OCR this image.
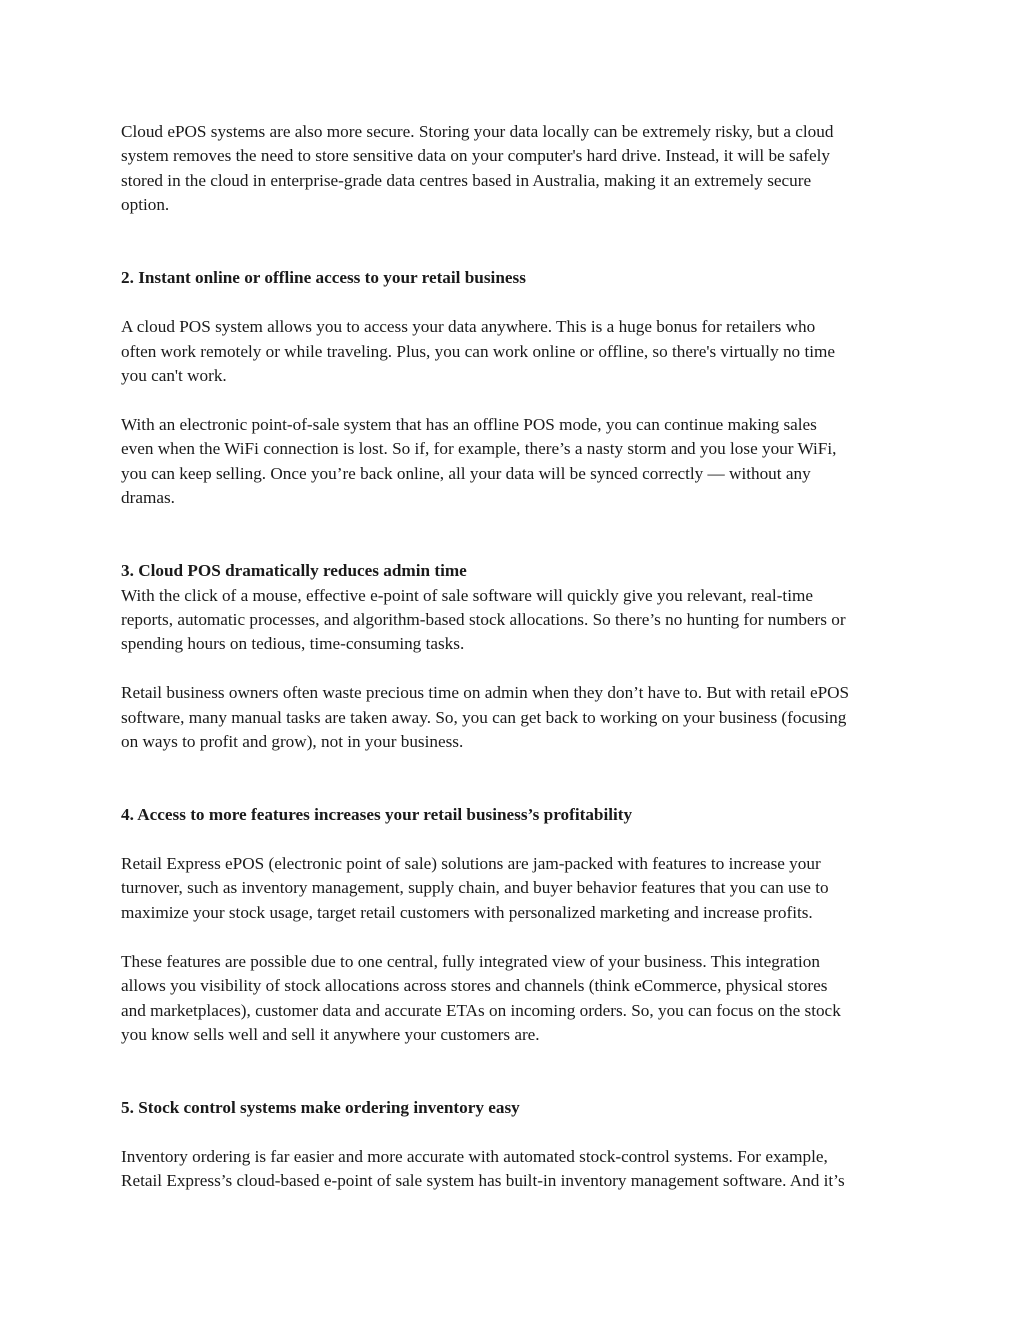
Cloud ePOS systems are also more secure. Storing your data locally can be extremely risky, but a cloud
system removes the need to store sensitive data on your computer's hard drive. Instead, it will be safely
stored in the cloud in enterprise-grade data centres based in Australia, making it an extremely secure
option.

2. Instant online or offline access to your retail business

A cloud POS system allows you to access your data anywhere. This is a huge bonus for retailers who
often work remotely or while traveling. Plus, you can work online or offline, so there's virtually no time
you can't work.

With an electronic point-of-sale system that has an offline POS mode, you can continue making sales
even when the WiFi connection is lost. So if, for example, there’s a nasty storm and you lose your WiFi,
you can keep selling. Once you’re back online, all your data will be synced correctly — without any
dramas.

3. Cloud POS dramatically reduces admin time

With the click of a mouse, effective e-point of sale software will quickly give you relevant, real-time
reports, automatic processes, and algorithm-based stock allocations. So there’s no hunting for numbers or
spending hours on tedious, time-consuming tasks.

Retail business owners often waste precious time on admin when they don’t have to. But with retail ePOS
software, many manual tasks are taken away. So, you can get back to working on your business (focusing
on ways to profit and grow), not in your business.

4. Access to more features increases your retail business’s profitability

Retail Express ePOS (electronic point of sale) solutions are jam-packed with features to increase your
turnover, such as inventory management, supply chain, and buyer behavior features that you can use to
maximize your stock usage, target retail customers with personalized marketing and increase profits.

These features are possible due to one central, fully integrated view of your business. This integration
allows you visibility of stock allocations across stores and channels (think eCommerce, physical stores
and marketplaces), customer data and accurate ETAs on incoming orders. So, you can focus on the stock
you know sells well and sell it anywhere your customers are.

5. Stock control systems make ordering inventory easy

Inventory ordering is far easier and more accurate with automated stock-control systems. For example,
Retail Express’s cloud-based e-point of sale system has built-in inventory management software. And it’s
